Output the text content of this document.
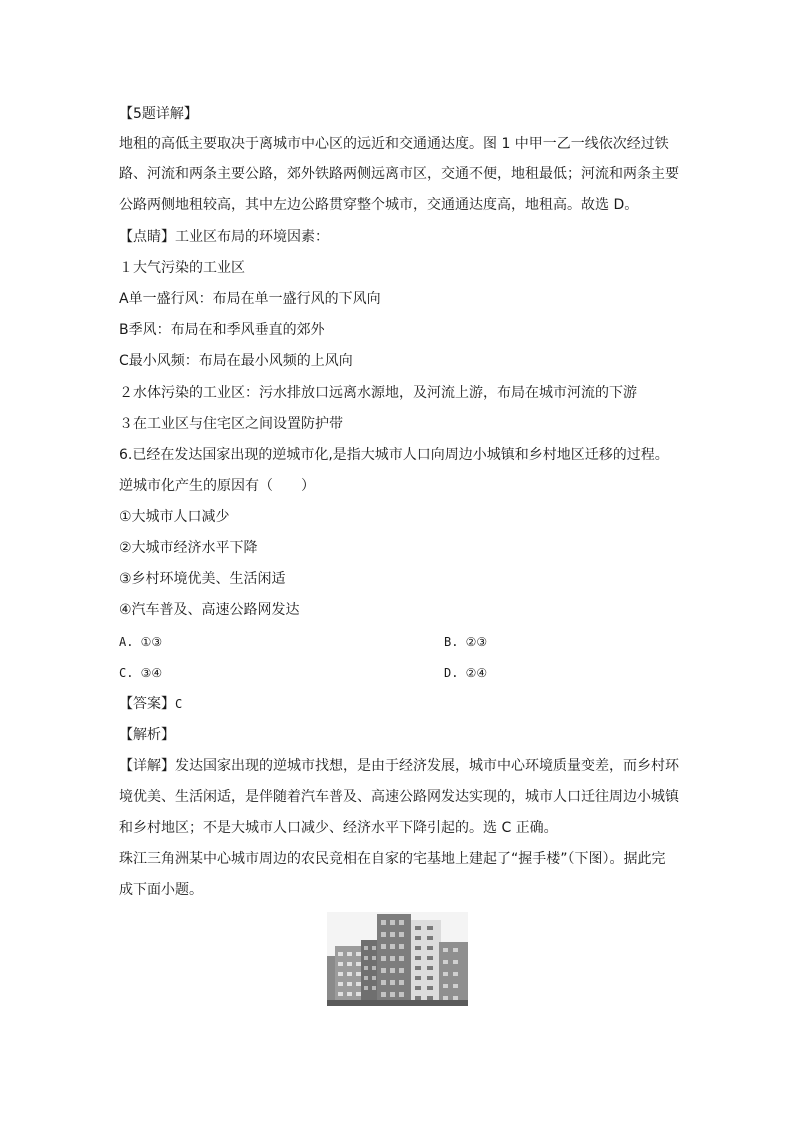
【5题详解】
地租的高低主要取决于离城市中心区的远近和交通通达度。图 1 中甲一乙一线依次经过铁
路、河流和两条主要公路，郊外铁路两侧远离市区，交通不便，地租最低；河流和两条主要
公路两侧地租较高，其中左边公路贯穿整个城市，交通通达度高，地租高。故选 D。
【点睛】工业区布局的环境因素：
１大气污染的工业区
A单一盛行风：布局在单一盛行风的下风向
B季风：布局在和季风垂直的郊外
C最小风频：布局在最小风频的上风向
２水体污染的工业区：污水排放口远离水源地，及河流上游，布局在城市河流的下游
３在工业区与住宅区之间设置防护带
6.已经在发达国家出现的逆城市化,是指大城市人口向周边小城镇和乡村地区迁移的过程。
逆城市化产生的原因有（　　）
①大城市人口减少
②大城市经济水平下降
③乡村环境优美、生活闲适
④汽车普及、高速公路网发达
A. ①③	B. ②③
C. ③④	D. ②④
【答案】C
【解析】
【详解】发达国家出现的逆城市找想，是由于经济发展，城市中心环境质量变差，而乡村环
境优美、生活闲适，是伴随着汽车普及、高速公路网发达实现的，城市人口迁往周边小城镇
和乡村地区；不是大城市人口减少、经济水平下降引起的。选 C 正确。
珠江三角洲某中心城市周边的农民竞相在自家的宅基地上建起了“握手楼”（下图）。据此完
成下面小题。
